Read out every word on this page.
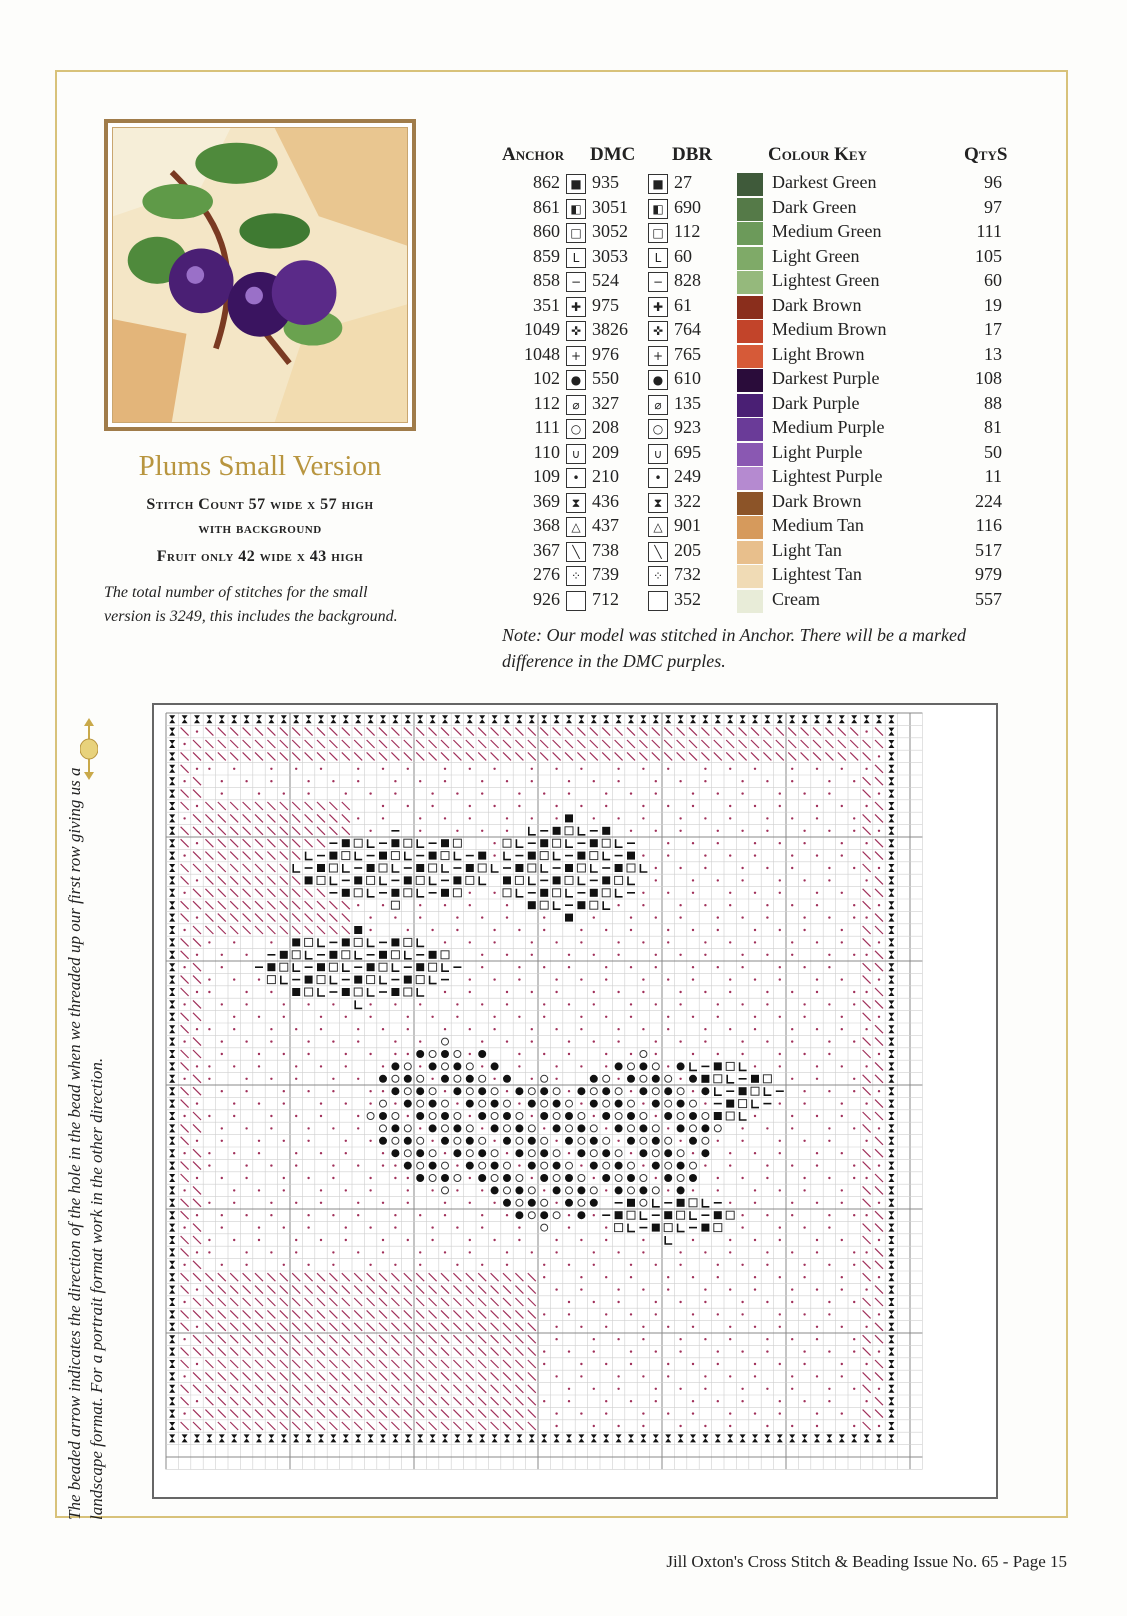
Plums Small Version
Stitch Count 57 wide x 57 high
with background
Fruit only 42 wide x 43 high
The total number of stitches for the small version is 3249, this includes the background.
Anchor DMC DBR	Colour Key	QtyS
862 ■ 935	■ 27	Darkest Green	96
861 ◧ 3051	◧ 690	Dark Green	97
860 □ 3052	□ 112	Medium Green	111
859	L 3053	L 60	Light Green	105
858 − 524	− 828	Lightest Green	60
351 ✚ 975	✚ 61	Dark Brown	19
1049 ✜ 3826	✜ 764	Medium Brown	17
1048 + 976	+ 765	Light Brown	13
102 ● 550	● 610	Darkest Purple	108
112	⌀ 327	⌀ 135	Dark Purple	88
111 ○ 208	○ 923	Medium Purple	81
110 ∪ 209	∪ 695	Light Purple	50
109	• 210	• 249	Lightest Purple	11
369 ⧗ 436	⧗ 322	Dark Brown	224
368 △ 437	△ 901	Medium Tan	116
367	╲ 738	╲ 205	Light Tan	517
276 ⁘ 739	⁘ 732	Lightest Tan	979
926 712	352	Cream	557
Note: Our model was stitched in Anchor. There will be a marked difference in the DMC purples.
The beaded arrow indicates the direction of the hole in the bead when we threaded up our first row giving us a landscape format. For a portrait format work in the other direction.
Jill Oxton's Cross Stitch & Beading Issue No. 65 - Page 15
